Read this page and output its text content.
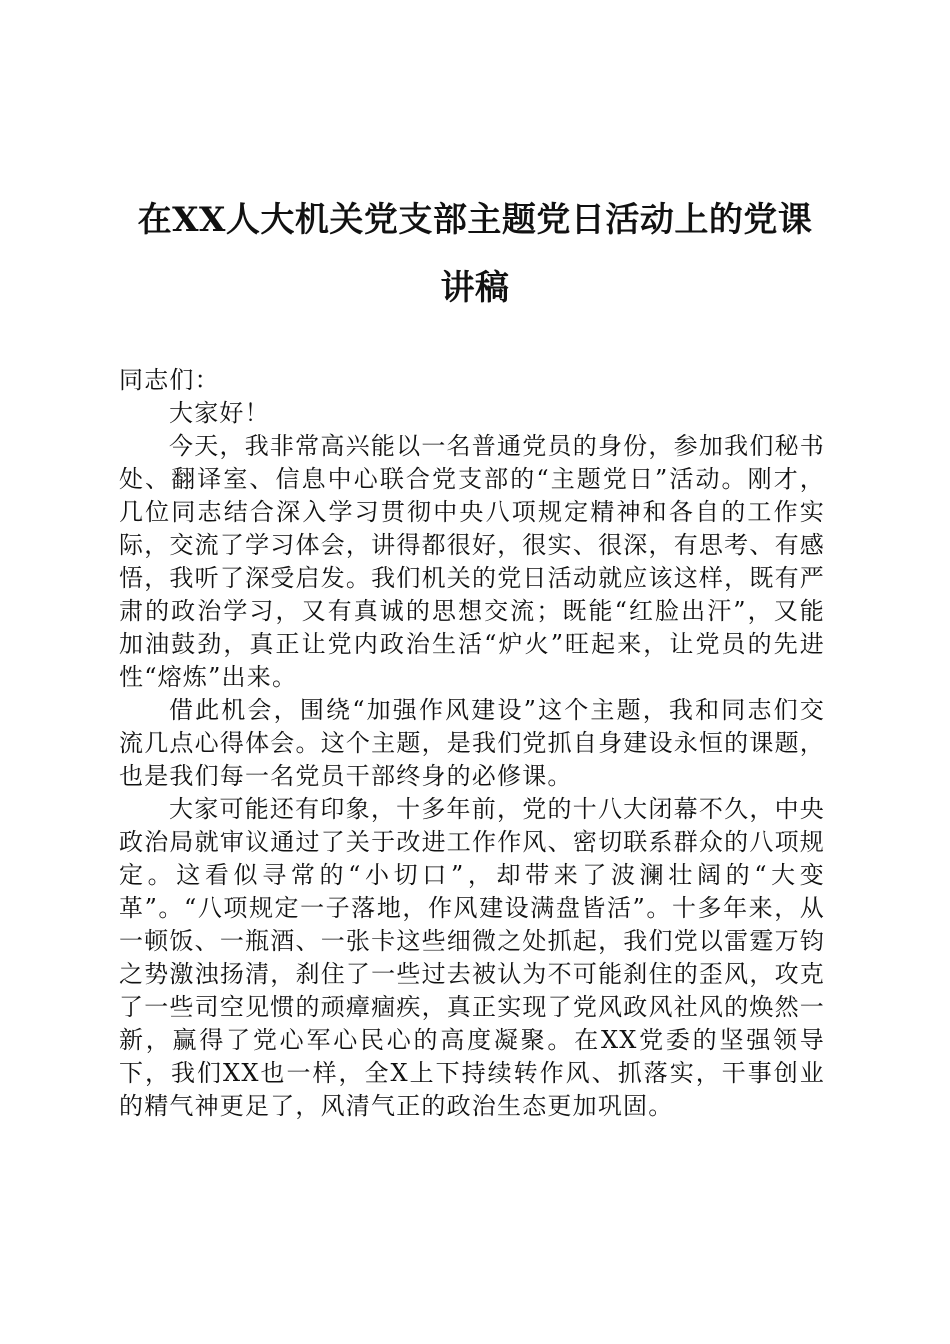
在XX人大机关党支部主题党日活动上的党课
讲稿

同志们：

大家好！

今天，我非常高兴能以一名普通党员的身份，参加我们秘书处、翻译室、信息中心联合党支部的“主题党日”活动。刚才，几位同志结合深入学习贯彻中央八项规定精神和各自的工作实际，交流了学习体会，讲得都很好，很实、很深，有思考、有感悟，我听了深受启发。我们机关的党日活动就应该这样，既有严肃的政治学习，又有真诚的思想交流；既能“红脸出汗”，又能加油鼓劲，真正让党内政治生活“炉火”旺起来，让党员的先进性“熔炼”出来。

借此机会，围绕“加强作风建设”这个主题，我和同志们交流几点心得体会。这个主题，是我们党抓自身建设永恒的课题，也是我们每一名党员干部终身的必修课。

大家可能还有印象，十多年前，党的十八大闭幕不久，中央政治局就审议通过了关于改进工作作风、密切联系群众的八项规定。这看似寻常的“小切口”，却带来了波澜壮阔的“大变革”。“八项规定一子落地，作风建设满盘皆活”。十多年来，从一顿饭、一瓶酒、一张卡这些细微之处抓起，我们党以雷霆万钧之势激浊扬清，刹住了一些过去被认为不可能刹住的歪风，攻克了一些司空见惯的顽瘴痼疾，真正实现了党风政风社风的焕然一新，赢得了党心军心民心的高度凝聚。在XX党委的坚强领导下，我们XX也一样，全X上下持续转作风、抓落实，干事创业的精气神更足了，风清气正的政治生态更加巩固。
